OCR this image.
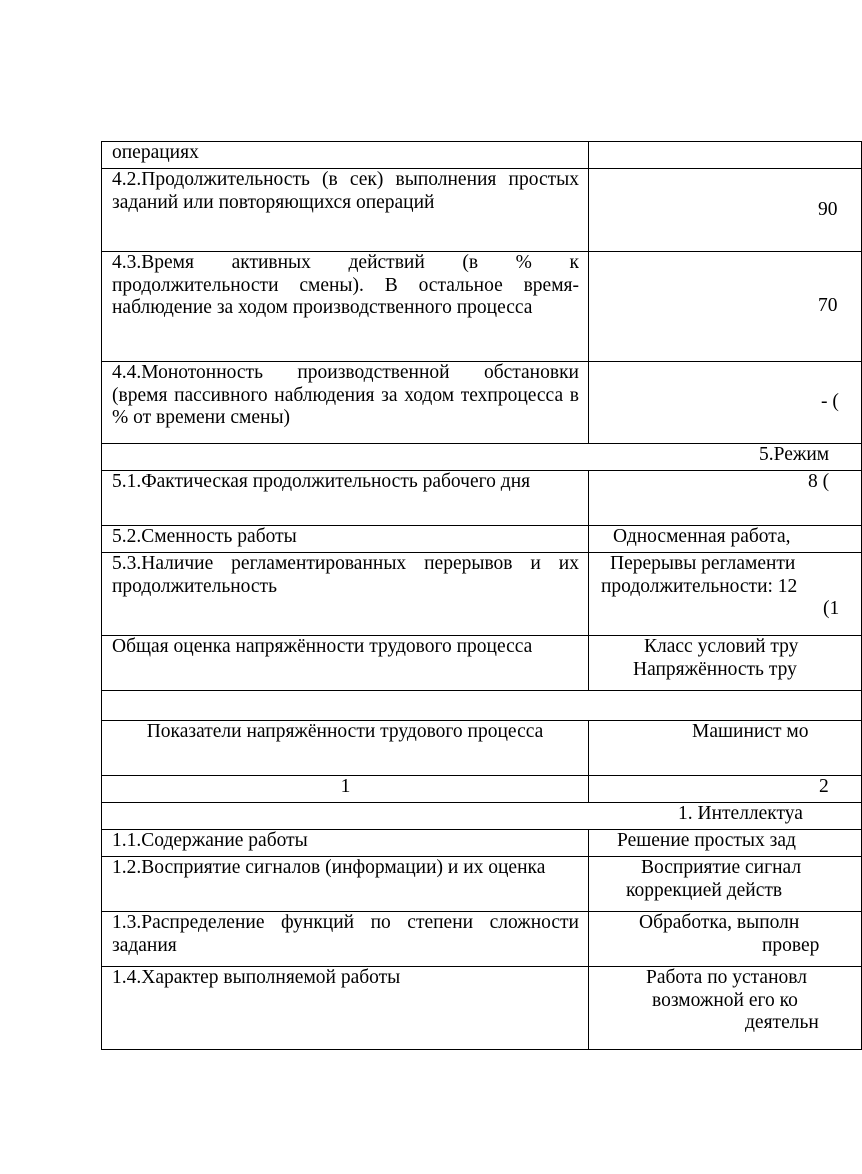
операциях	

4.2.Продолжительность (в сек) выполнения простых заданий или повторяющихся операций	90

4.3.Время активных действий (в % к продолжительности смены). В остальное время-наблюдение за ходом производственного процесса	70

4.4.Монотонность производственной обстановки (время пассивного наблюдения за ходом техпроцесса в % от времени смены)	- (
5.Режим	

5.1.Фактическая продолжительность рабочего дня	8 (
5.2.Сменность работы	Односменная работа,

5.3.Наличие регламентированных перерывов и их продолжительность	Перерывы регламенти
продолжительности: 12
(1

Общая оценка напряжённости трудового процесса	Класс условий тру
Напряжённость тру

Показатели напряжённости трудового процесса	Машинист мо
1	2
1. Интеллектуа	
1.1.Содержание работы	Решение простых зад

1.2.Восприятие сигналов (информации) и их оценка	Восприятие сигнал
коррекцией действ

1.3.Распределение функций по степени сложности задания	Обработка, выполн
провер

1.4.Характер выполняемой работы	Работа по установл
возможной его ко
деятельн
